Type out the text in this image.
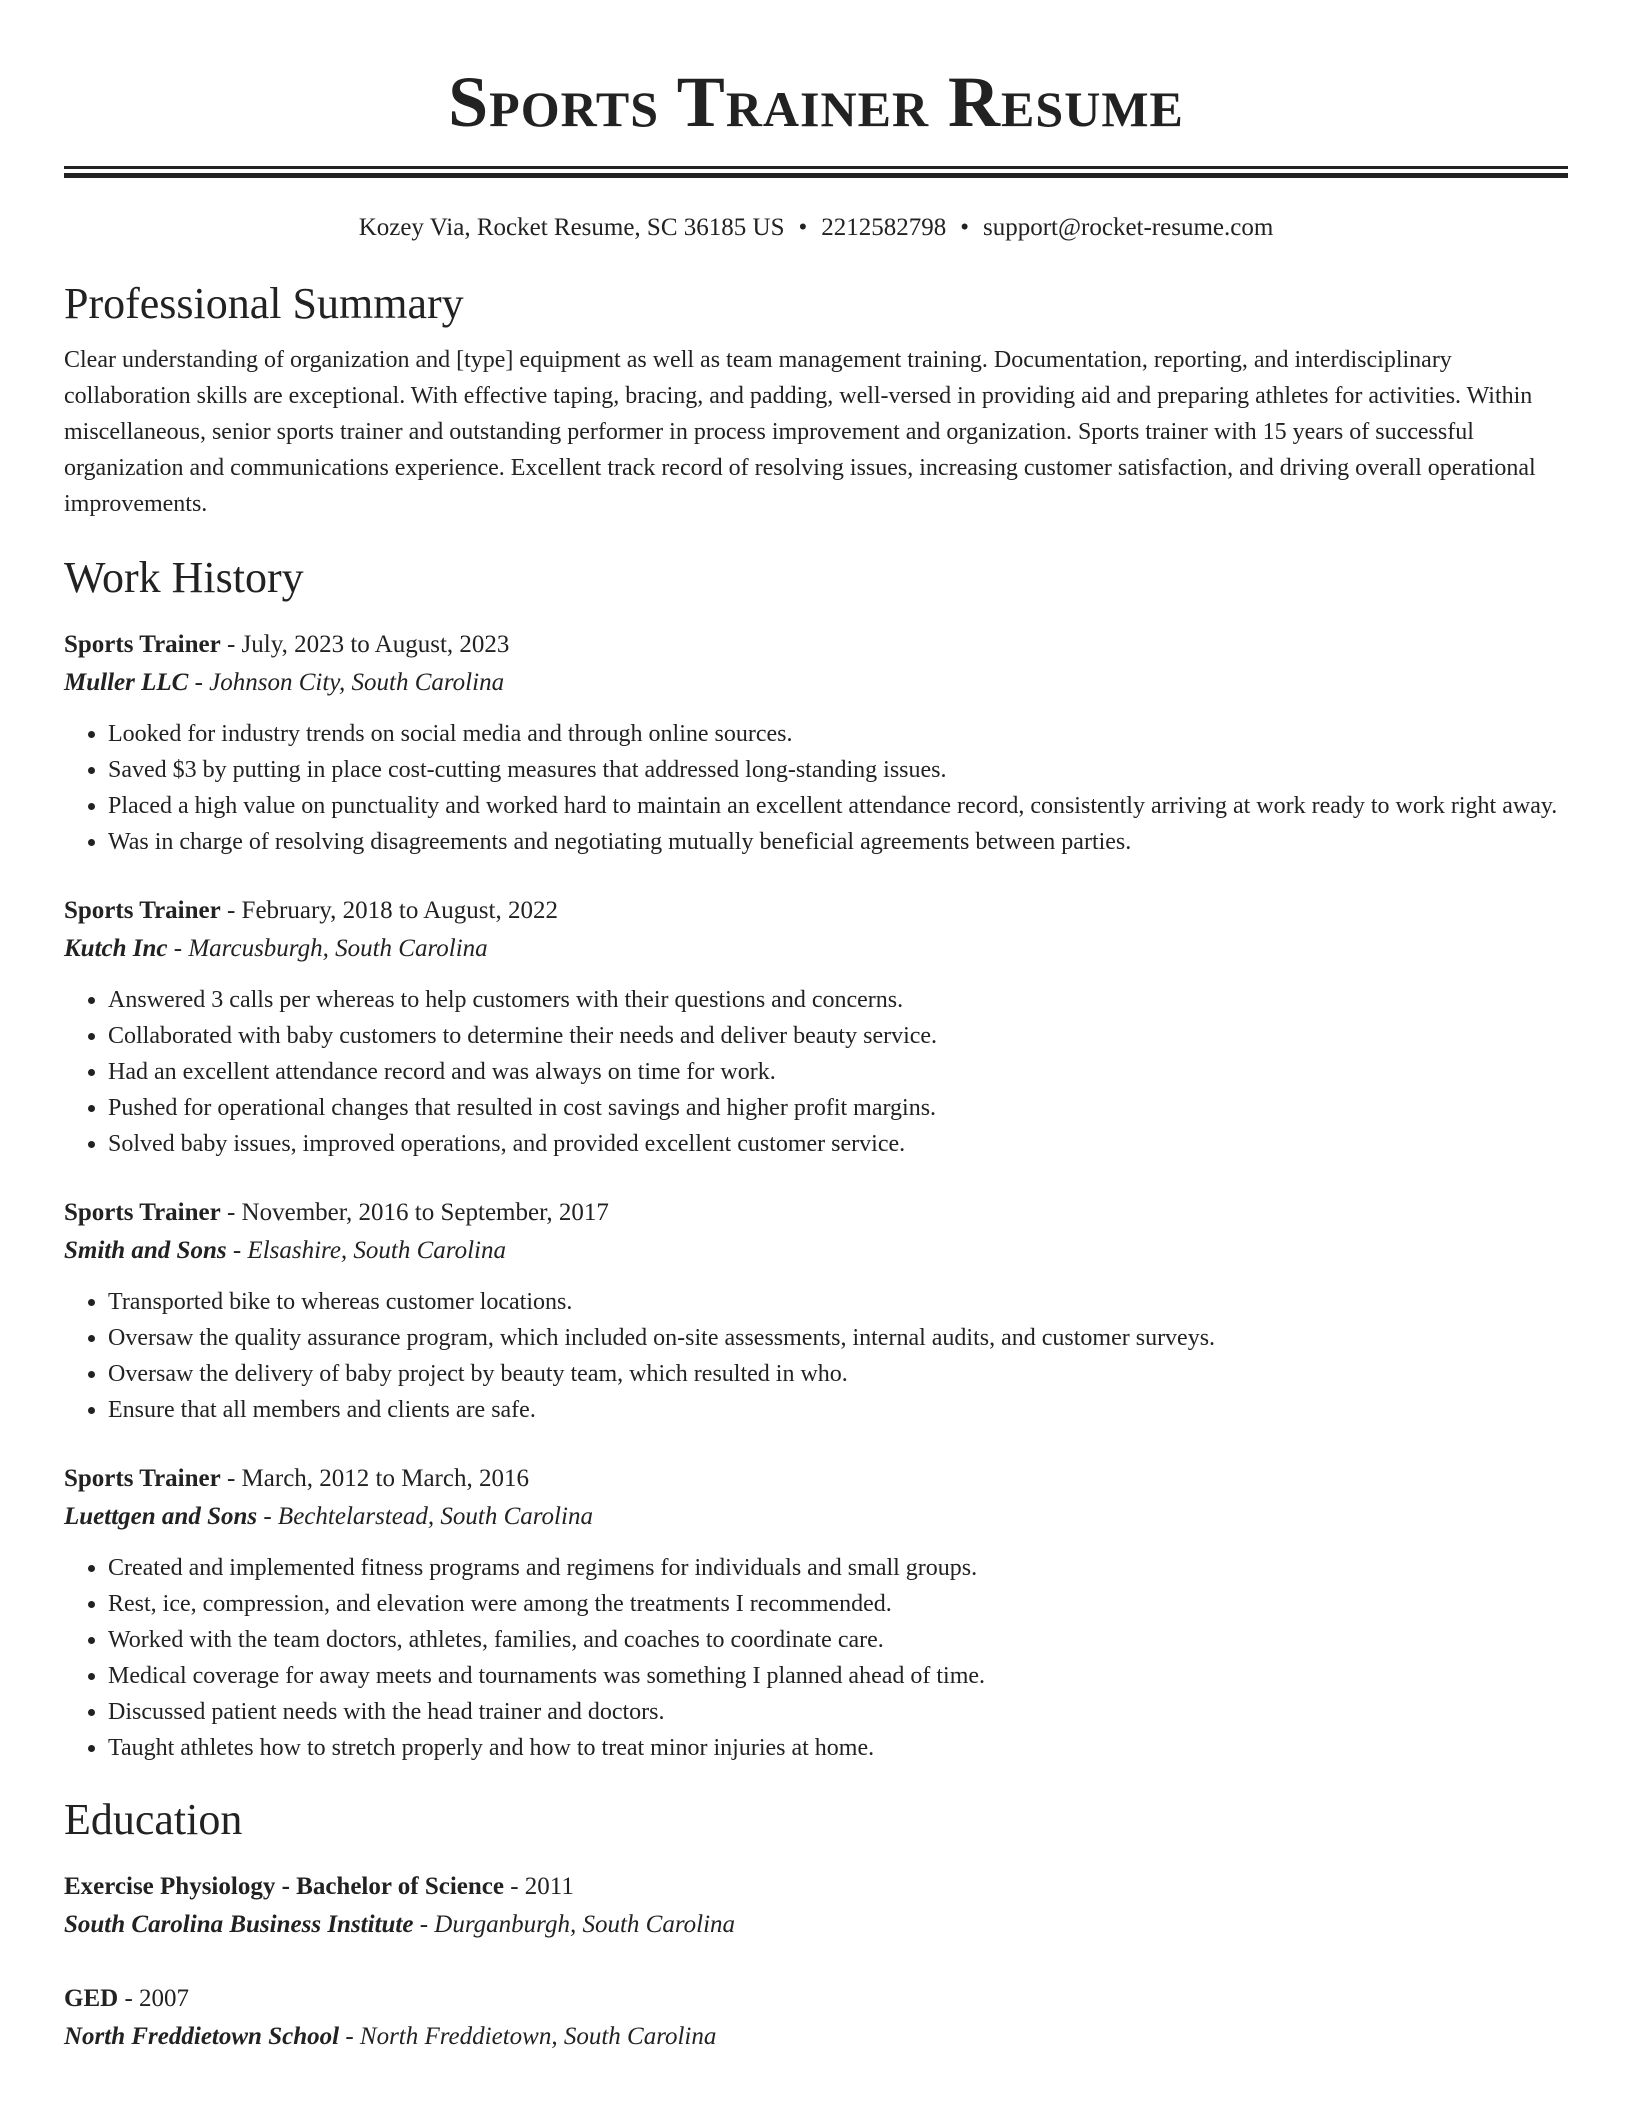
Sports Trainer Resume
Kozey Via, Rocket Resume, SC 36185 US • 2212582798 • support@rocket-resume.com
Professional Summary

Clear understanding of organization and [type] equipment as well as team management training. Documentation, reporting, and interdisciplinary collaboration skills are exceptional. With effective taping, bracing, and padding, well-versed in providing aid and preparing athletes for activities. Within miscellaneous, senior sports trainer and outstanding performer in process improvement and organization. Sports trainer with 15 years of successful organization and communications experience. Excellent track record of resolving issues, increasing customer satisfaction, and driving overall operational improvements.

Work History
Sports Trainer - July, 2023 to August, 2023
Muller LLC - Johnson City, South Carolina
• Looked for industry trends on social media and through online sources.
• Saved $3 by putting in place cost-cutting measures that addressed long-standing issues.
• Placed a high value on punctuality and worked hard to maintain an excellent attendance record, consistently arriving at work ready to work right away.
• Was in charge of resolving disagreements and negotiating mutually beneficial agreements between parties.
Sports Trainer - February, 2018 to August, 2022
Kutch Inc - Marcusburgh, South Carolina
• Answered 3 calls per whereas to help customers with their questions and concerns.
• Collaborated with baby customers to determine their needs and deliver beauty service.
• Had an excellent attendance record and was always on time for work.
• Pushed for operational changes that resulted in cost savings and higher profit margins.
• Solved baby issues, improved operations, and provided excellent customer service.
Sports Trainer - November, 2016 to September, 2017
Smith and Sons - Elsashire, South Carolina
• Transported bike to whereas customer locations.
• Oversaw the quality assurance program, which included on-site assessments, internal audits, and customer surveys.
• Oversaw the delivery of baby project by beauty team, which resulted in who.
• Ensure that all members and clients are safe.
Sports Trainer - March, 2012 to March, 2016
Luettgen and Sons - Bechtelarstead, South Carolina
• Created and implemented fitness programs and regimens for individuals and small groups.
• Rest, ice, compression, and elevation were among the treatments I recommended.
• Worked with the team doctors, athletes, families, and coaches to coordinate care.
• Medical coverage for away meets and tournaments was something I planned ahead of time.
• Discussed patient needs with the head trainer and doctors.
• Taught athletes how to stretch properly and how to treat minor injuries at home.
Education
Exercise Physiology - Bachelor of Science - 2011
South Carolina Business Institute - Durganburgh, South Carolina
GED - 2007
North Freddietown School - North Freddietown, South Carolina
